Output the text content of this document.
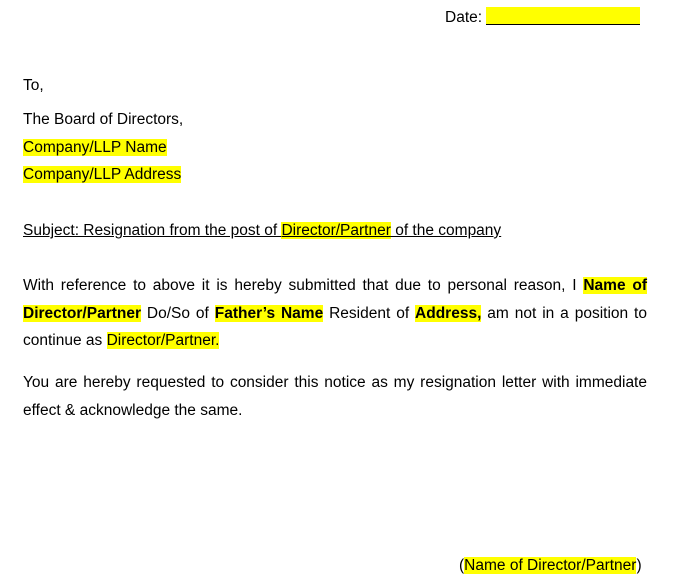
Date:
To,
The Board of Directors,
Company/LLP Name
Company/LLP Address
Subject: Resignation from the post of Director/Partner of the company
With reference to above it is hereby submitted that due to personal reason, I Name of Director/Partner Do/So of Father’s Name Resident of Address, am not in a position to continue as Director/Partner.
You are hereby requested to consider this notice as my resignation letter with immediate effect & acknowledge the same.
(Name of Director/Partner)
